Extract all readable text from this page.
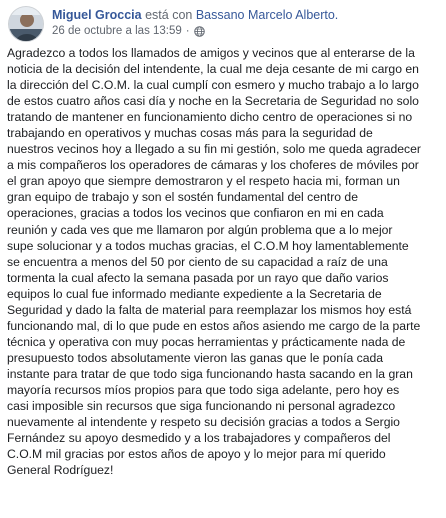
Miguel Groccia está con Bassano Marcelo Alberto.
26 de octubre a las 13:59 ·
Agradezco a todos los llamados de amigos y vecinos que al enterarse de la
noticia de la decisión del intendente, la cual me deja cesante de mi cargo en
la dirección del C.O.M. la cual cumplí con esmero y mucho trabajo a lo largo
de estos cuatro años casi día y noche en la Secretaria de Seguridad no solo
tratando de mantener en funcionamiento dicho centro de operaciones si no
trabajando en operativos y muchas cosas más para la seguridad de
nuestros vecinos hoy a llegado a su fin mi gestión, solo me queda agradecer
a mis compañeros los operadores de cámaras y los choferes de móviles por
el gran apoyo que siempre demostraron y el respeto hacia mi, forman un
gran equipo de trabajo y son el sostén fundamental del centro de
operaciones, gracias a todos los vecinos que confiaron en mi en cada
reunión y cada ves que me llamaron por algún problema que a lo mejor
supe solucionar y a todos muchas gracias, el C.O.M hoy lamentablemente
se encuentra a menos del 50 por ciento de su capacidad a raíz de una
tormenta la cual afecto la semana pasada por un rayo que daño varios
equipos lo cual fue informado mediante expediente a la Secretaria de
Seguridad y dado la falta de material para reemplazar los mismos hoy está
funcionando mal, di lo que pude en estos años asiendo me cargo de la parte
técnica y operativa con muy pocas herramientas y prácticamente nada de
presupuesto todos absolutamente vieron las ganas que le ponía cada
instante para tratar de que todo siga funcionando hasta sacando en la gran
mayoría recursos míos propios para que todo siga adelante, pero hoy es
casi imposible sin recursos que siga funcionando ni personal agradezco
nuevamente al intendente y respeto su decisión gracias a todos a Sergio
Fernández su apoyo desmedido y a los trabajadores y compañeros del
C.O.M mil gracias por estos años de apoyo y lo mejor para mí querido
General Rodríguez!
